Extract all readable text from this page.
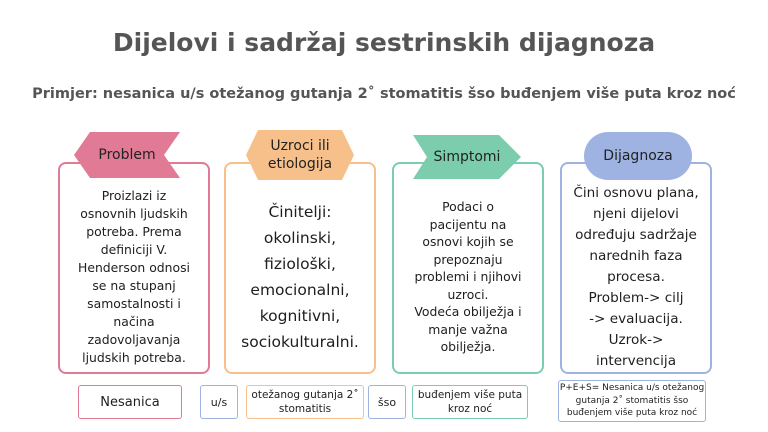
Dijelovi i sadržaj sestrinskih dijagnoza
Primjer: nesanica u/s otežanog gutanja 2˚ stomatitis šso buđenjem više puta kroz noć
Proizlazi iz
osnovnih ljudskih
potreba. Prema
definiciji V.
Henderson odnosi
se na stupanj
samostalnosti i
načina
zadovoljavanja
ljudskih potreba.
Problem
Činitelji:
okolinski,
fiziološki,
emocionalni,
kognitivni,
sociokulturalni.
Uzroci ili
etiologija
Podaci o
pacijentu na
osnovi kojih se
prepoznaju
problemi i njihovi
uzroci.
Vodeća obilježja i
manje važna
obilježja.
Simptomi
Čini osnovu plana,
njeni dijelovi
određuju sadržaje
narednih faza
procesa.
Problem-> cilj
-> evaluacija.
Uzrok->
intervencija
Dijagnoza
Nesanica	u/s
otežanog gutanja 2˚
stomatitis
šso
buđenjem više puta
kroz noć
P+E+S= Nesanica u/s otežanog
gutanja 2˚ stomatitis šso
buđenjem više puta kroz noć
